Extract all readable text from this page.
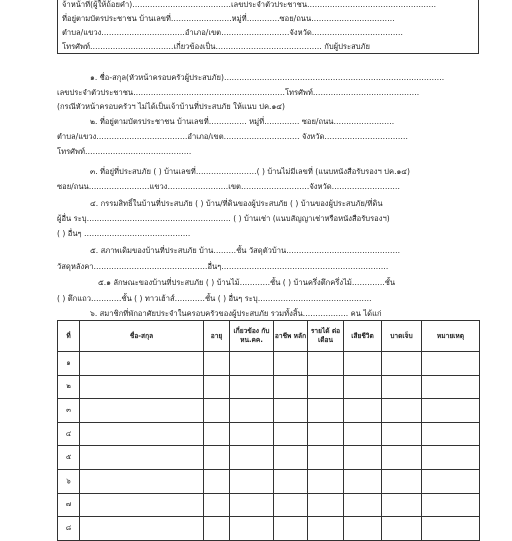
จ้าหน้าที่(ผู้ให้ถ้อยคำ)…………………………………เลขประจำตัวประชาชน……………………………………………
ที่อยู่ตามบัตรประชาชน บ้านเลขที่……………………หมู่ที่………….ซอย/ถนน……………………………
ตำบล/แขวง……………………………อำเภอ/เขต………………………จังหวัด………………………………
โทรศัพท์……………………………เกี่ยวข้องเป็น…………………………………… กับผู้ประสบภัย
๑. ชื่อ-สกุล(หัวหน้าครอบครัวผู้ประสบภัย)……………………………………………………………………………
เลขประจำตัวประชาชน……………………………………………………โทรศัพท์……………………………………
(กรณีหัวหน้าครอบครัวฯ ไม่ได้เป็นเจ้าบ้านที่ประสบภัย ให้แนบ ปค.๑๔)
๒. ที่อยู่ตามบัตรประชาชน บ้านเลขที่…………… หมู่ที่………….. ซอย/ถนน……………………
ตำบล/แขวง………………………………อำเภอ/เขต………………………… จังหวัด……………………………
โทรศัพท์……………………………………
๓. ที่อยู่ที่ประสบภัย ( ) บ้านเลขที่……………………( ) บ้านไม่มีเลขที่ (แนบหนังสือรับรองฯ ปค.๑๔)
ซอย/ถนน……………………แขวง……………………เขต………………………จังหวัด………………………
๔. กรรมสิทธิ์ในบ้านที่ประสบภัย ( ) บ้าน/ที่ดินของผู้ประสบภัย ( ) บ้านของผู้ประสบภัย/ที่ดิน
ผู้อื่น ระบุ………………………………………………… ( ) บ้านเช่า (แนบสัญญาเช่าหรือหนังสือรับรองฯ)
( ) อื่นๆ ……………………………………
๕. สภาพเดิมของบ้านที่ประสบภัย บ้าน………ชั้น วัสดุตัวบ้าน………………………………………
วัสดุหลังคา………………………………………อื่นๆ…………………………………………………………
๕.๑ ลักษณะของบ้านที่ประสบภัย ( ) บ้านไม้…………ชั้น ( ) บ้านครึ่งตึกครึ่งไม้………….ชั้น
( ) ตึกแถว…………ชั้น ( ) ทาวเฮ้าส์…………ชั้น ( ) อื่นๆ ระบุ………………………………………
๖. สมาชิกที่พักอาศัยประจำในครอบครัวของผู้ประสบภัย รวมทั้งสิ้น……………… คน ได้แก่
ที่	ชื่อ-สกุล	อายุ	เกี่ยวข้อง กับ หน.คค.	อาชีพ หลัก	รายได้ ต่อเดือน	เสียชีวิต	บาดเจ็บ	หมายเหตุ
๑								
๒								
๓								
๔								
๕								
๖								
๗								
๘								
